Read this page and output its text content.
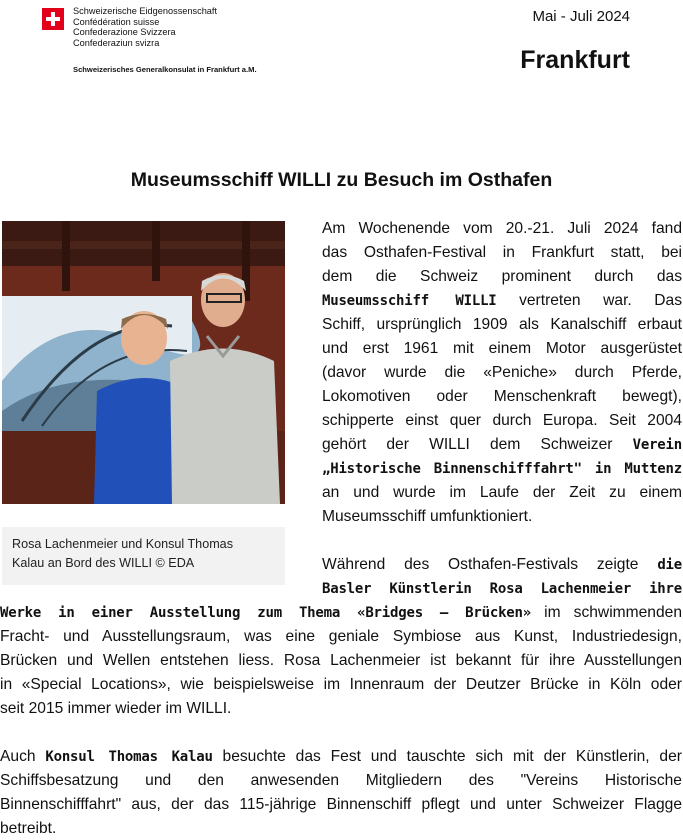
Schweizerische Eidgenossenschaft
Confédération suisse
Confederazione Svizzera
Confederaziun svizra
Schweizerisches Generalkonsulat in Frankfurt a.M.
Mai - Juli 2024
Frankfurt
Museumsschiff WILLI zu Besuch im Osthafen
Rosa Lachenmeier und Konsul Thomas
Kalau an Bord des WILLI © EDA
Am Wochenende vom 20.-21. Juli 2024 fand
das Osthafen-Festival in Frankfurt statt, bei
dem die Schweiz prominent durch das
Museumsschiff WILLI vertreten war. Das
Schiff, ursprünglich 1909 als Kanalschiff erbaut
und erst 1961 mit einem Motor ausgerüstet
(davor wurde die «Peniche» durch Pferde,
Lokomotiven oder Menschenkraft bewegt),
schipperte einst quer durch Europa. Seit 2004
gehört der WILLI dem Schweizer Verein
„Historische Binnenschifffahrt" in Muttenz
an und wurde im Laufe der Zeit zu einem
Museumsschiff umfunktioniert.
Während des Osthafen-Festivals zeigte die
Basler Künstlerin Rosa Lachenmeier ihre
Werke in einer Ausstellung zum Thema «Bridges – Brücken» im schwimmenden
Fracht- und Ausstellungsraum, was eine geniale Symbiose aus Kunst, Industriedesign,
Brücken und Wellen entstehen liess. Rosa Lachenmeier ist bekannt für ihre Ausstellungen
in «Special Locations», wie beispielsweise im Innenraum der Deutzer Brücke in Köln oder
seit 2015 immer wieder im WILLI.
Auch Konsul Thomas Kalau besuchte das Fest und tauschte sich mit der Künstlerin, der
Schiffsbesatzung und den anwesenden Mitgliedern des "Vereins Historische
Binnenschifffahrt" aus, der das 115-jährige Binnenschiff pflegt und unter Schweizer Flagge
betreibt.
